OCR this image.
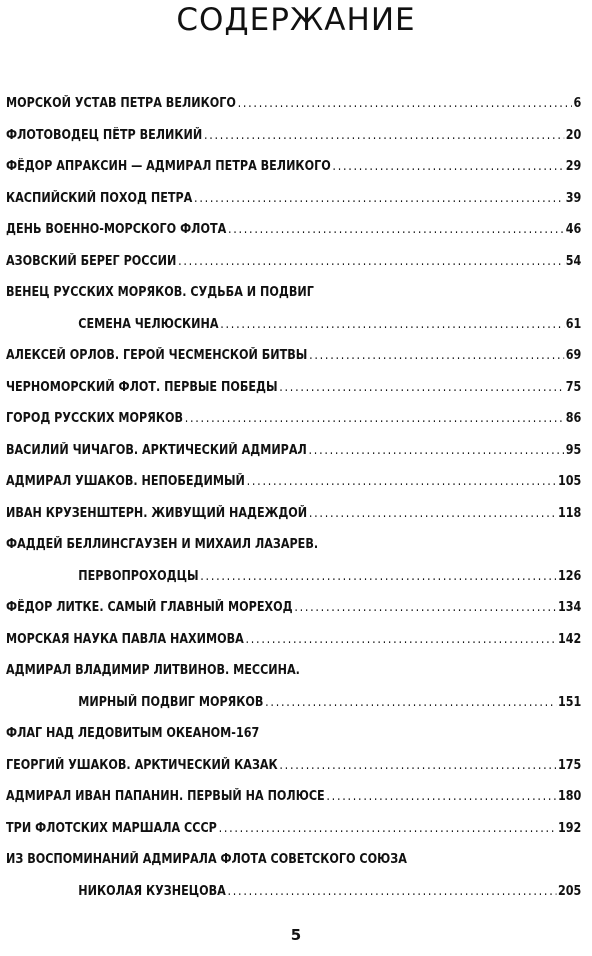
СОДЕРЖАНИЕ
МОРСКОЙ УСТАВ ПЕТРА ВЕЛИКОГО .....	6
ФЛОТОВОДЕЦ ПЁТР ВЕЛИКИЙ .....	20
ФЁДОР АПРАКСИН — АДМИРАЛ ПЕТРА ВЕЛИКОГО .....	29
КАСПИЙСКИЙ ПОХОД ПЕТРА .....	39
ДЕНЬ ВОЕННО-МОРСКОГО ФЛОТА .....	46
АЗОВСКИЙ БЕРЕГ РОССИИ .....	54
ВЕНЕЦ РУССКИХ МОРЯКОВ. СУДЬБА И ПОДВИГ
СЕМЕНА ЧЕЛЮСКИНА .....	61
АЛЕКСЕЙ ОРЛОВ. ГЕРОЙ ЧЕСМЕНСКОЙ БИТВЫ .....	69
ЧЕРНОМОРСКИЙ ФЛОТ. ПЕРВЫЕ ПОБЕДЫ .....	75
ГОРОД РУССКИХ МОРЯКОВ .....	86
ВАСИЛИЙ ЧИЧАГОВ. АРКТИЧЕСКИЙ АДМИРАЛ .....	95
АДМИРАЛ УШАКОВ. НЕПОБЕДИМЫЙ .....	105
ИВАН КРУЗЕНШТЕРН. ЖИВУЩИЙ НАДЕЖДОЙ .....	118
ФАДДЕЙ БЕЛЛИНСГАУЗЕН И МИХАИЛ ЛАЗАРЕВ.
ПЕРВОПРОХОДЦЫ .....	126
ФЁДОР ЛИТКЕ. САМЫЙ ГЛАВНЫЙ МОРЕХОД .....	134
МОРСКАЯ НАУКА ПАВЛА НАХИМОВА .....	142
АДМИРАЛ ВЛАДИМИР ЛИТВИНОВ. МЕССИНА.
МИРНЫЙ ПОДВИГ МОРЯКОВ .....	151
ФЛАГ НАД ЛЕДОВИТЫМ ОКЕАНОМ-167
ГЕОРГИЙ УШАКОВ. АРКТИЧЕСКИЙ КАЗАК .....	175
АДМИРАЛ ИВАН ПАПАНИН. ПЕРВЫЙ НА ПОЛЮСЕ .....	180
ТРИ ФЛОТСКИХ МАРШАЛА СССР .....	192
ИЗ ВОСПОМИНАНИЙ АДМИРАЛА ФЛОТА СОВЕТСКОГО СОЮЗА
НИКОЛАЯ КУЗНЕЦОВА .....	205
5
